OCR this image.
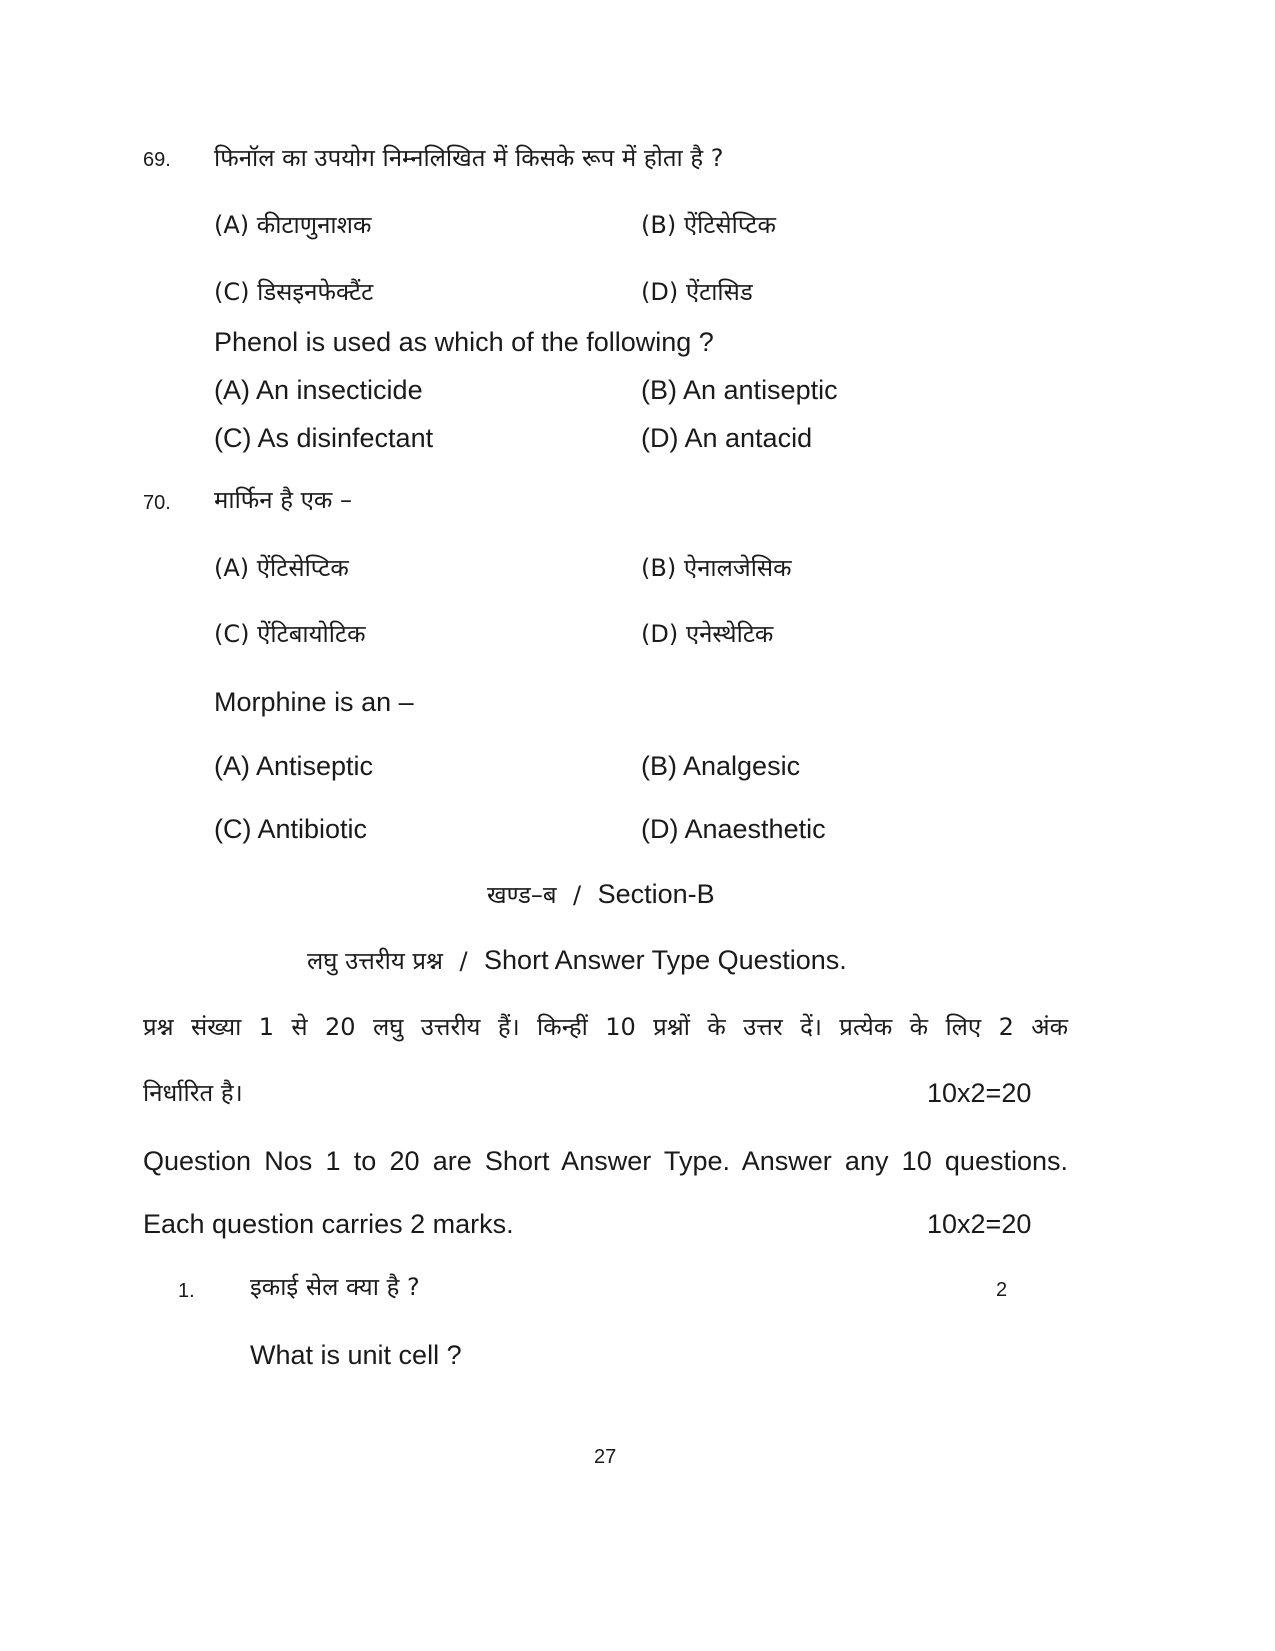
69. फिनॉल का उपयोग निम्नलिखित में किसके रूप में होता है ?
(A) कीटाणुनाशक	(B) ऐंटिसेप्टिक
(C) डिसइनफेक्टैंट	(D) ऐंटासिड
Phenol is used as which of the following ?
(A) An insecticide	(B) An antiseptic
(C) As disinfectant	(D) An antacid
70. मार्फिन है एक –
(A) ऐंटिसेप्टिक	(B) ऐनालजेसिक
(C) ऐंटिबायोटिक	(D) एनेस्थेटिक
Morphine is an –
(A) Antiseptic	(B) Analgesic
(C) Antibiotic	(D) Anaesthetic
खण्ड–ब / Section-B
लघु उत्तरीय प्रश्न / Short Answer Type Questions.
प्रश्न संख्या 1 से 20 लघु उत्तरीय हैं। किन्हीं 10 प्रश्नों के उत्तर दें। प्रत्येक के लिए 2 अंक
निर्धारित है।	10x2=20
Question Nos 1 to 20 are Short Answer Type. Answer any 10 questions.
Each question carries 2 marks.	10x2=20
1. इकाई सेल क्या है ?	2
What is unit cell ?
27
